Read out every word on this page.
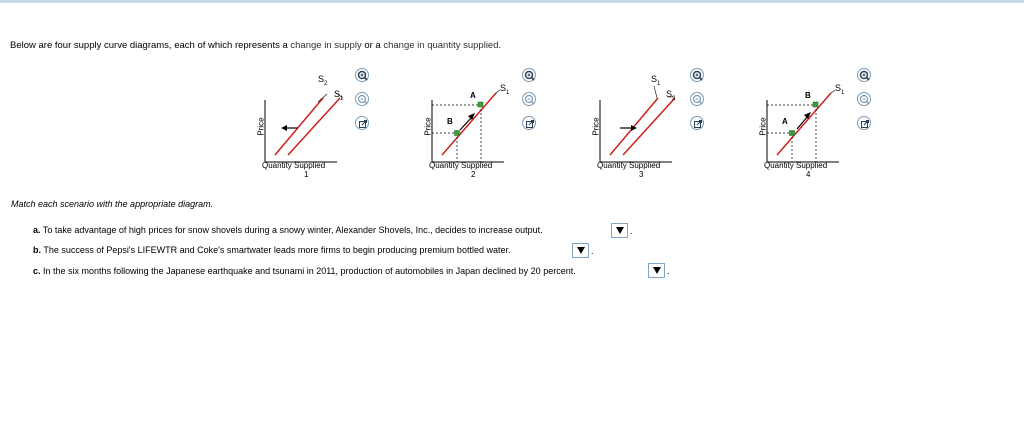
Below are four supply curve diagrams, each of which represents a change in supply or a change in quantity supplied.
Price
$S_2$
$S_1$
Quantity Supplied
1
Price
A
B
$S_1$
Quantity Supplied
2
Price
$S_1$
$S_2$
Quantity Supplied
3
Price
B
A
$S_1$
Quantity Supplied
4
Match each scenario with the appropriate diagram.
a. To take advantage of high prices for snow shovels during a snowy winter, Alexander Shovels, Inc., decides to increase output.	.
b. The success of Pepsi's LIFEWTR and Coke's smartwater leads more firms to begin producing premium bottled water.	.
c. In the six months following the Japanese earthquake and tsunami in 2011, production of automobiles in Japan declined by 20 percent.	.
